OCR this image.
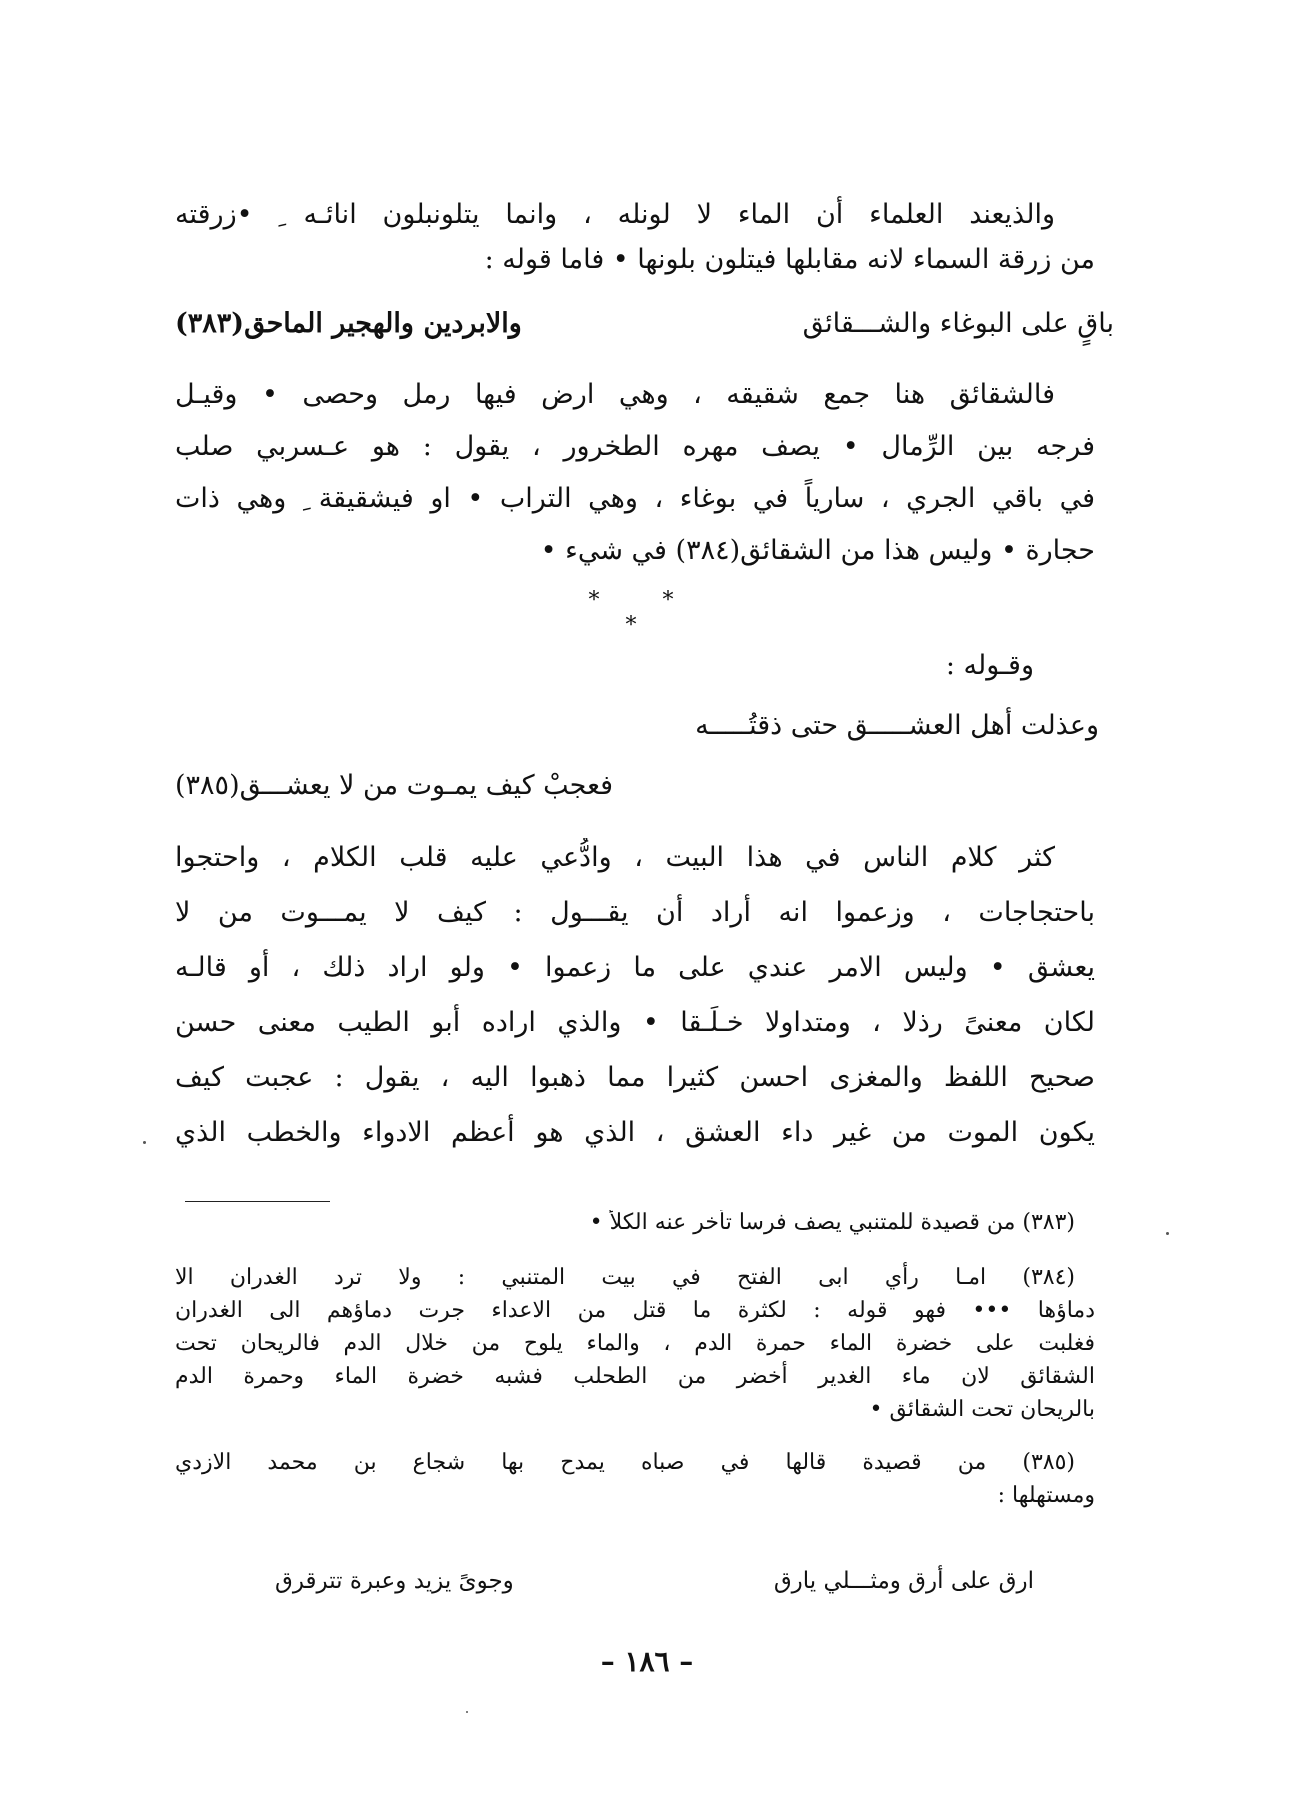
والذيعند العلماء أن الماء لا لونله ، وانما يتلونبلون انائـه ِ •زرقته
من زرقة السماء لانه مقابلها فيتلون بلونها • فاما قوله :
باقٍ على البوغاء والشـــقائق
والابردين والهجير الماحق(٣٨٣)
فالشقائق هنا جمع شقيقه ، وهي ارض فيها رمل وحصى • وقيـل
فرجه بين الرِّمال • يصف مهره الطخرور ، يقول : هو عـسربي صلب
في باقي الجري ، سارياً في بوغاء ، وهي التراب • او فيشقيقة ِ وهي ذات
حجارة • وليس هذا من الشقائق(٣٨٤) في شيء •
* * *
وقـوله :
وعذلت أهل العشـــــق حتى ذقتُـــــه
فعجبْ كيف يمـوت من لا يعشـــق(٣٨٥)
كثر كلام الناس في هذا البيت ، وادُّعي عليه قلب الكلام ، واحتجوا
باحتجاجات ، وزعموا انه أراد أن يقـــول : كيف لا يمـــوت من لا
يعشق • وليس الامر عندي على ما زعموا • ولو اراد ذلك ، أو قالـه
لكان معنىً رذلا ، ومتداولا خـلَـقا • والذي اراده أبو الطيب معنى حسن
صحيح اللفظ والمغزى احسن كثيرا مما ذهبوا اليه ، يقول : عجبت كيف
يكون الموت من غير داء العشق ، الذي هو أعظم الادواء والخطب الذي
(٣٨٣) من قصيدة للمتنبي يصف فرسا تأخر عنه الكلأ •
(٣٨٤) امـا رأي ابى الفتح في بيت المتنبي : ولا ترد الغدران الا
دماؤها ••• فهو قوله : لكثرة ما قتل من الاعداء جرت دماؤهم الى الغدران
فغلبت على خضرة الماء حمرة الدم ، والماء يلوح من خلال الدم فالريحان تحت
الشقائق لان ماء الغدير أخضر من الطحلب فشبه خضرة الماء وحمرة الدم
بالريحان تحت الشقائق •
(٣٨٥) من قصيدة قالها في صباه يمدح بها شجاع بن محمد الازدي
ومستهلها :
ارق على أرق ومثـــلي يارق
وجوىً يزيد وعبرة تترقرق
– ١٨٦ –
